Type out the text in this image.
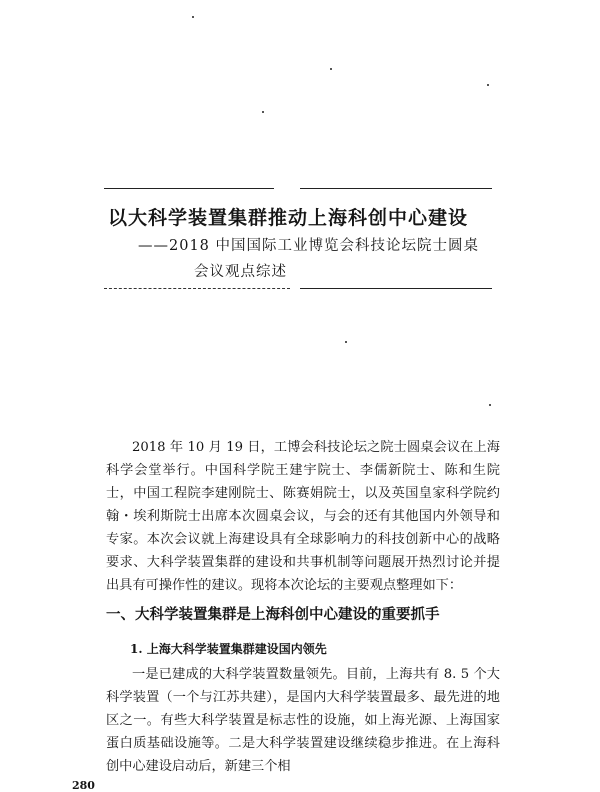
以大科学装置集群推动上海科创中心建设
——2018 中国国际工业博览会科技论坛院士圆桌
会议观点综述

2018 年 10 月 19 日，工博会科技论坛之院士圆桌会议在上海科学会堂举行。中国科学院王建宇院士、李儒新院士、陈和生院士，中国工程院李建刚院士、陈赛娟院士，以及英国皇家科学院约翰・埃利斯院士出席本次圆桌会议，与会的还有其他国内外领导和专家。本次会议就上海建设具有全球影响力的科技创新中心的战略要求、大科学装置集群的建设和共事机制等问题展开热烈讨论并提出具有可操作性的建议。现将本次论坛的主要观点整理如下：

一、大科学装置集群是上海科创中心建设的重要抓手
1. 上海大科学装置集群建设国内领先

一是已建成的大科学装置数量领先。目前，上海共有 8. 5 个大科学装置（一个与江苏共建），是国内大科学装置最多、最先进的地区之一。有些大科学装置是标志性的设施，如上海光源、上海国家蛋白质基础设施等。二是大科学装置建设继续稳步推进。在上海科创中心建设启动后，新建三个相

280
